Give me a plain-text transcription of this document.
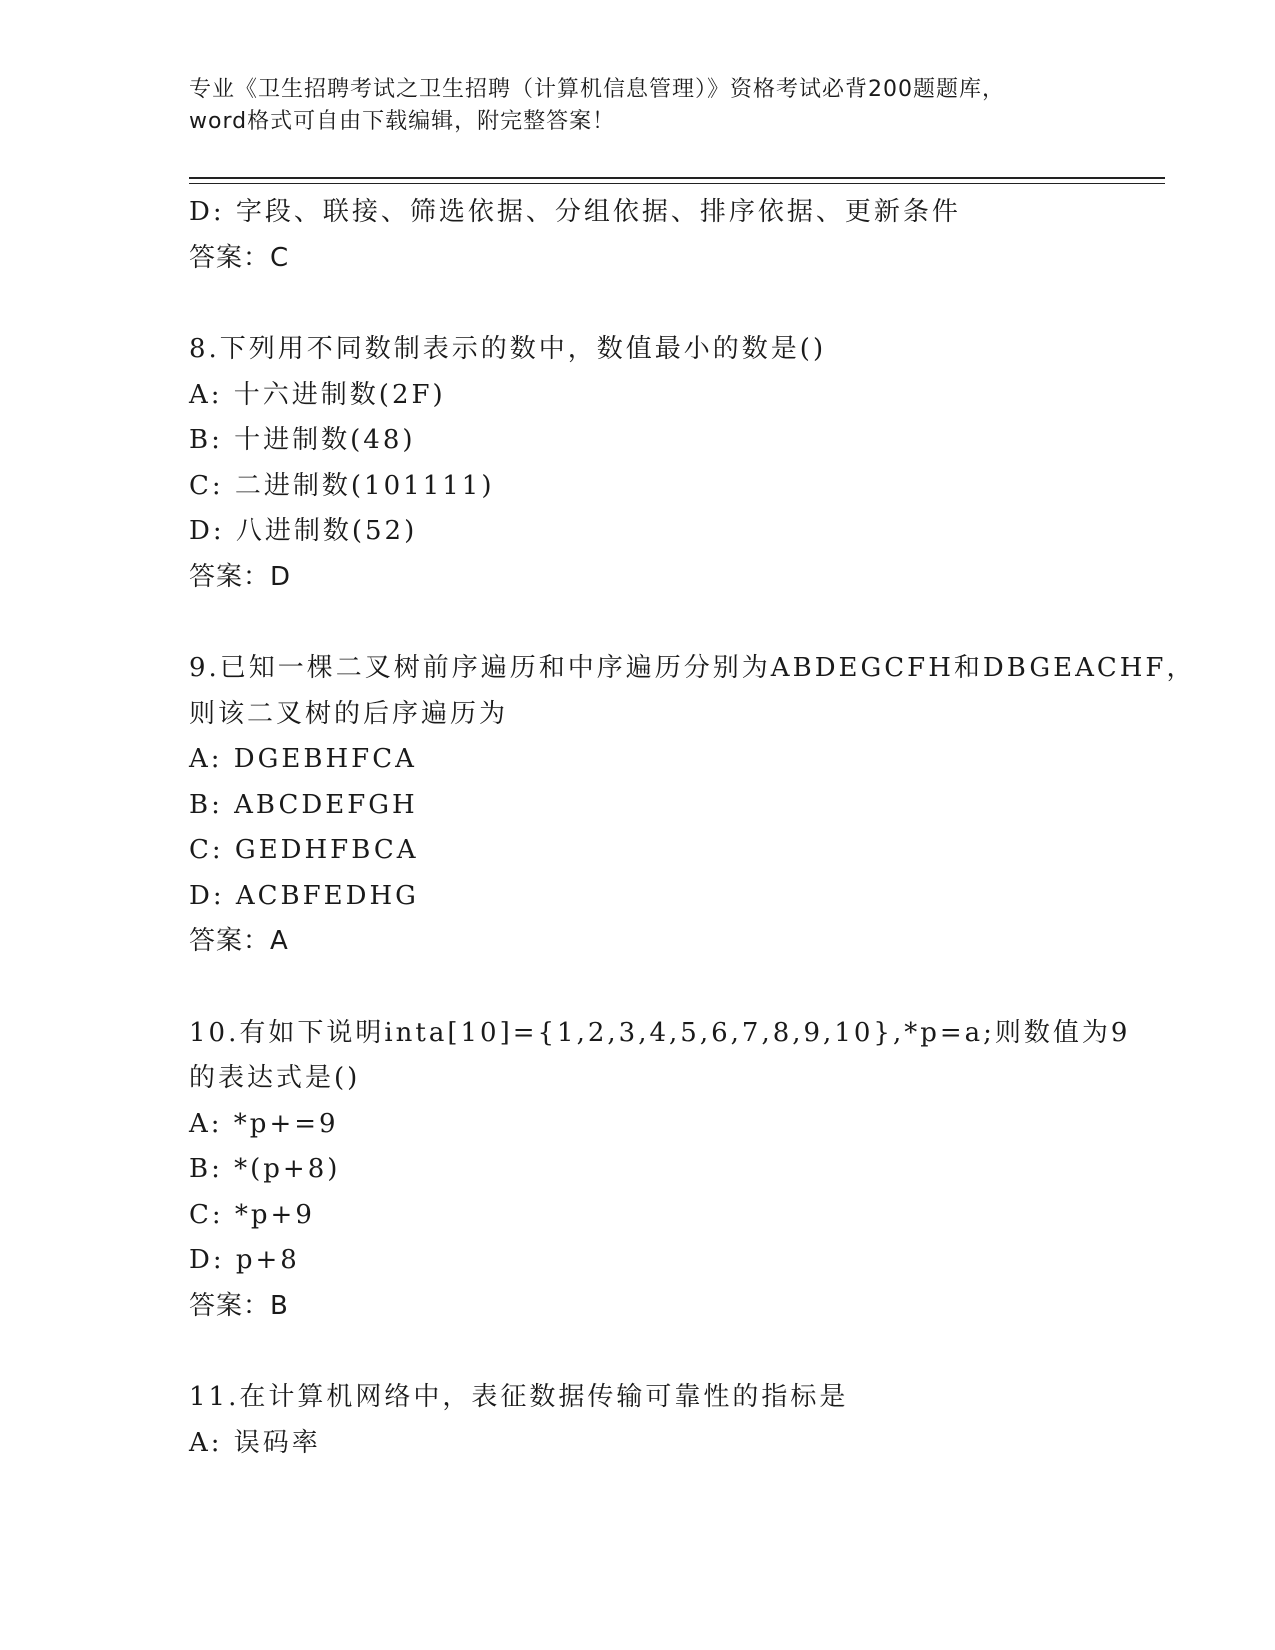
专业《卫生招聘考试之卫生招聘（计算机信息管理）》资格考试必背200题题库，
word格式可自由下载编辑，附完整答案！
D: 字段、联接、筛选依据、分组依据、排序依据、更新条件
答案：C
8.下列用不同数制表示的数中，数值最小的数是()
A: 十六进制数(2F)
B: 十进制数(48)
C: 二进制数(101111)
D: 八进制数(52)
答案：D
9.已知一棵二叉树前序遍历和中序遍历分别为ABDEGCFH和DBGEACHF，
则该二叉树的后序遍历为
A: DGEBHFCA
B: ABCDEFGH
C: GEDHFBCA
D: ACBFEDHG
答案：A
10.有如下说明inta[10]={1,2,3,4,5,6,7,8,9,10},*p=a;则数值为9
的表达式是()
A: *p+=9
B: *(p+8)
C: *p+9
D: p+8
答案：B
11.在计算机网络中，表征数据传输可靠性的指标是
A: 误码率
